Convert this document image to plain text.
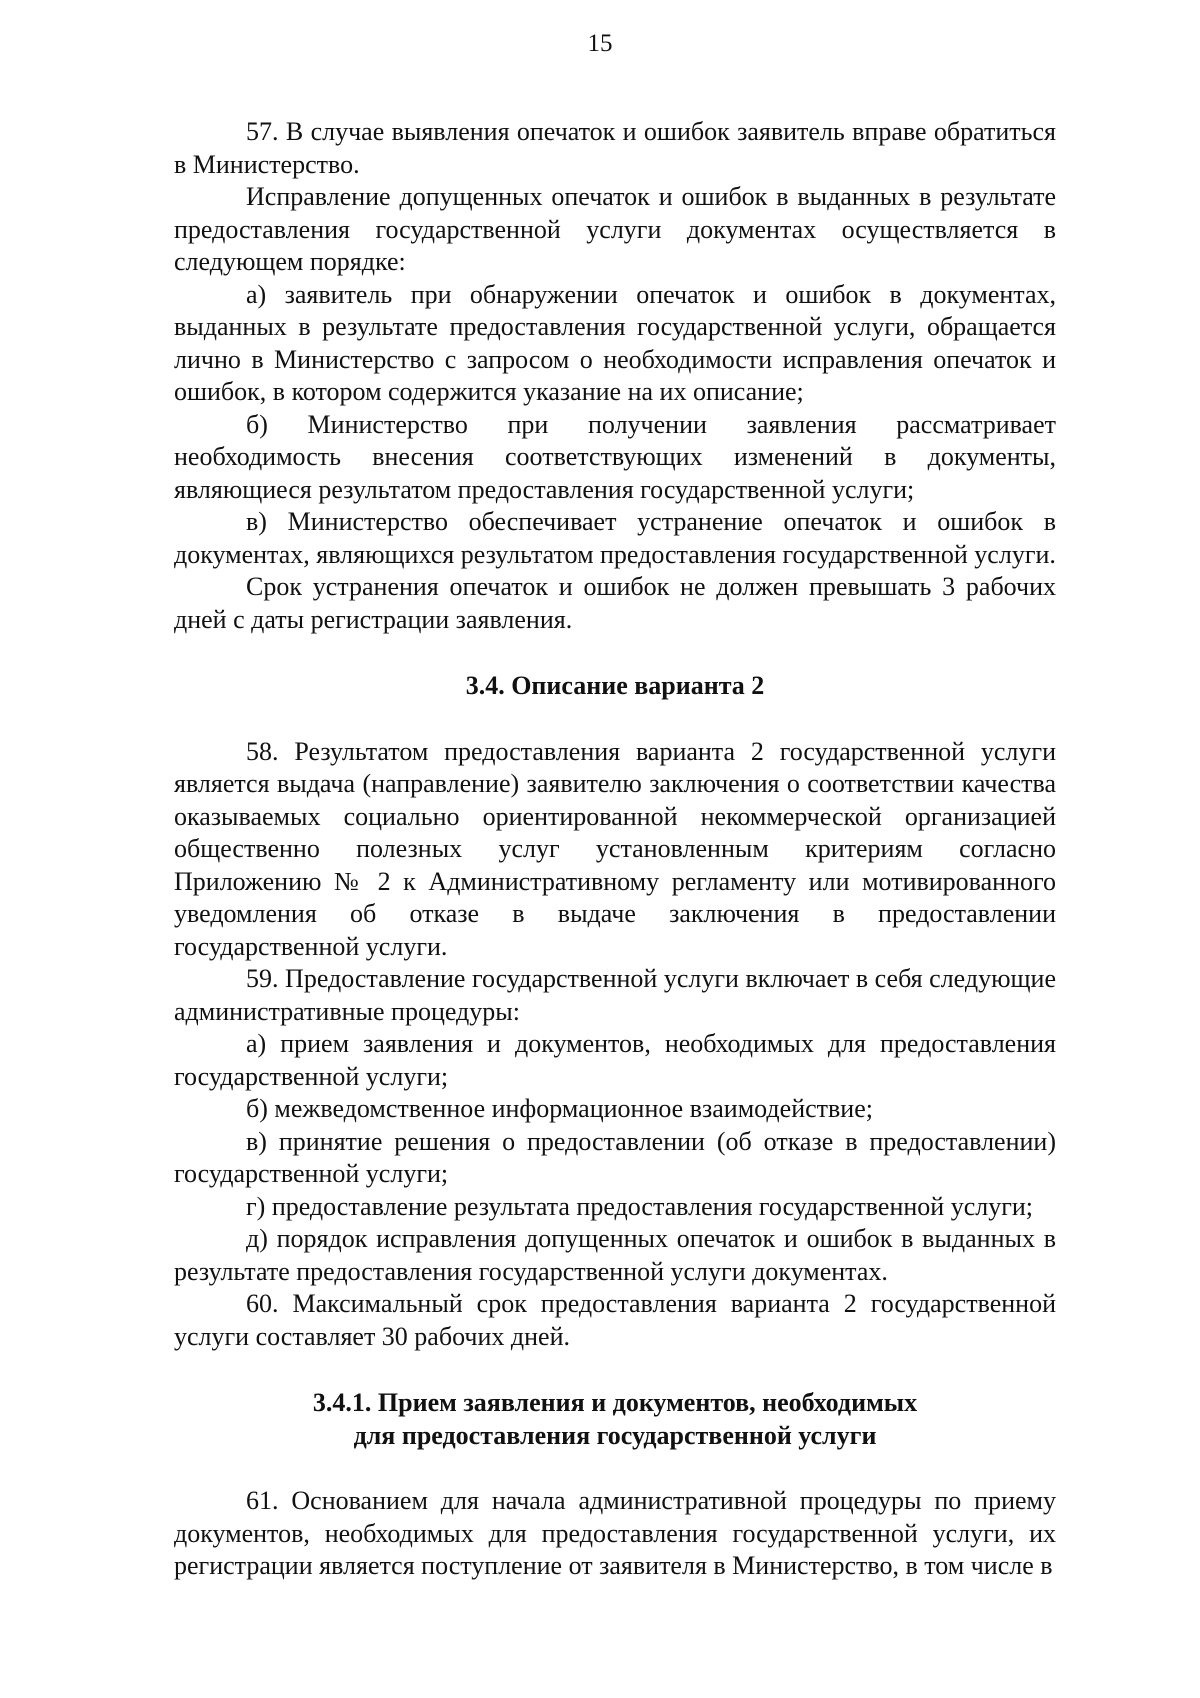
15

57. В случае выявления опечаток и ошибок заявитель вправе обратиться в Министерство.

Исправление допущенных опечаток и ошибок в выданных в результате предоставления государственной услуги документах осуществляется в следующем порядке:

а) заявитель при обнаружении опечаток и ошибок в документах, выданных в результате предоставления государственной услуги, обращается лично в Министерство с запросом о необходимости исправления опечаток и ошибок, в котором содержится указание на их описание;

б) Министерство при получении заявления рассматривает необходимость внесения соответствующих изменений в документы, являющиеся результатом предоставления государственной услуги;

в) Министерство обеспечивает устранение опечаток и ошибок в документах, являющихся результатом предоставления государственной услуги.

Срок устранения опечаток и ошибок не должен превышать 3 рабочих дней с даты регистрации заявления.

3.4. Описание варианта 2

58. Результатом предоставления варианта 2 государственной услуги является выдача (направление) заявителю заключения о соответствии качества оказываемых социально ориентированной некоммерческой организацией общественно полезных услуг установленным критериям согласно Приложению № 2 к Административному регламенту или мотивированного уведомления об отказе в выдаче заключения в предоставлении государственной услуги.

59. Предоставление государственной услуги включает в себя следующие административные процедуры:

а) прием заявления и документов, необходимых для предоставления государственной услуги;

б) межведомственное информационное взаимодействие;

в) принятие решения о предоставлении (об отказе в предоставлении) государственной услуги;

г) предоставление результата предоставления государственной услуги;

д) порядок исправления допущенных опечаток и ошибок в выданных в результате предоставления государственной услуги документах.

60. Максимальный срок предоставления варианта 2 государственной услуги составляет 30 рабочих дней.

3.4.1. Прием заявления и документов, необходимых
для предоставления государственной услуги

61. Основанием для начала административной процедуры по приему документов, необходимых для предоставления государственной услуги, их регистрации является поступление от заявителя в Министерство, в том числе в
